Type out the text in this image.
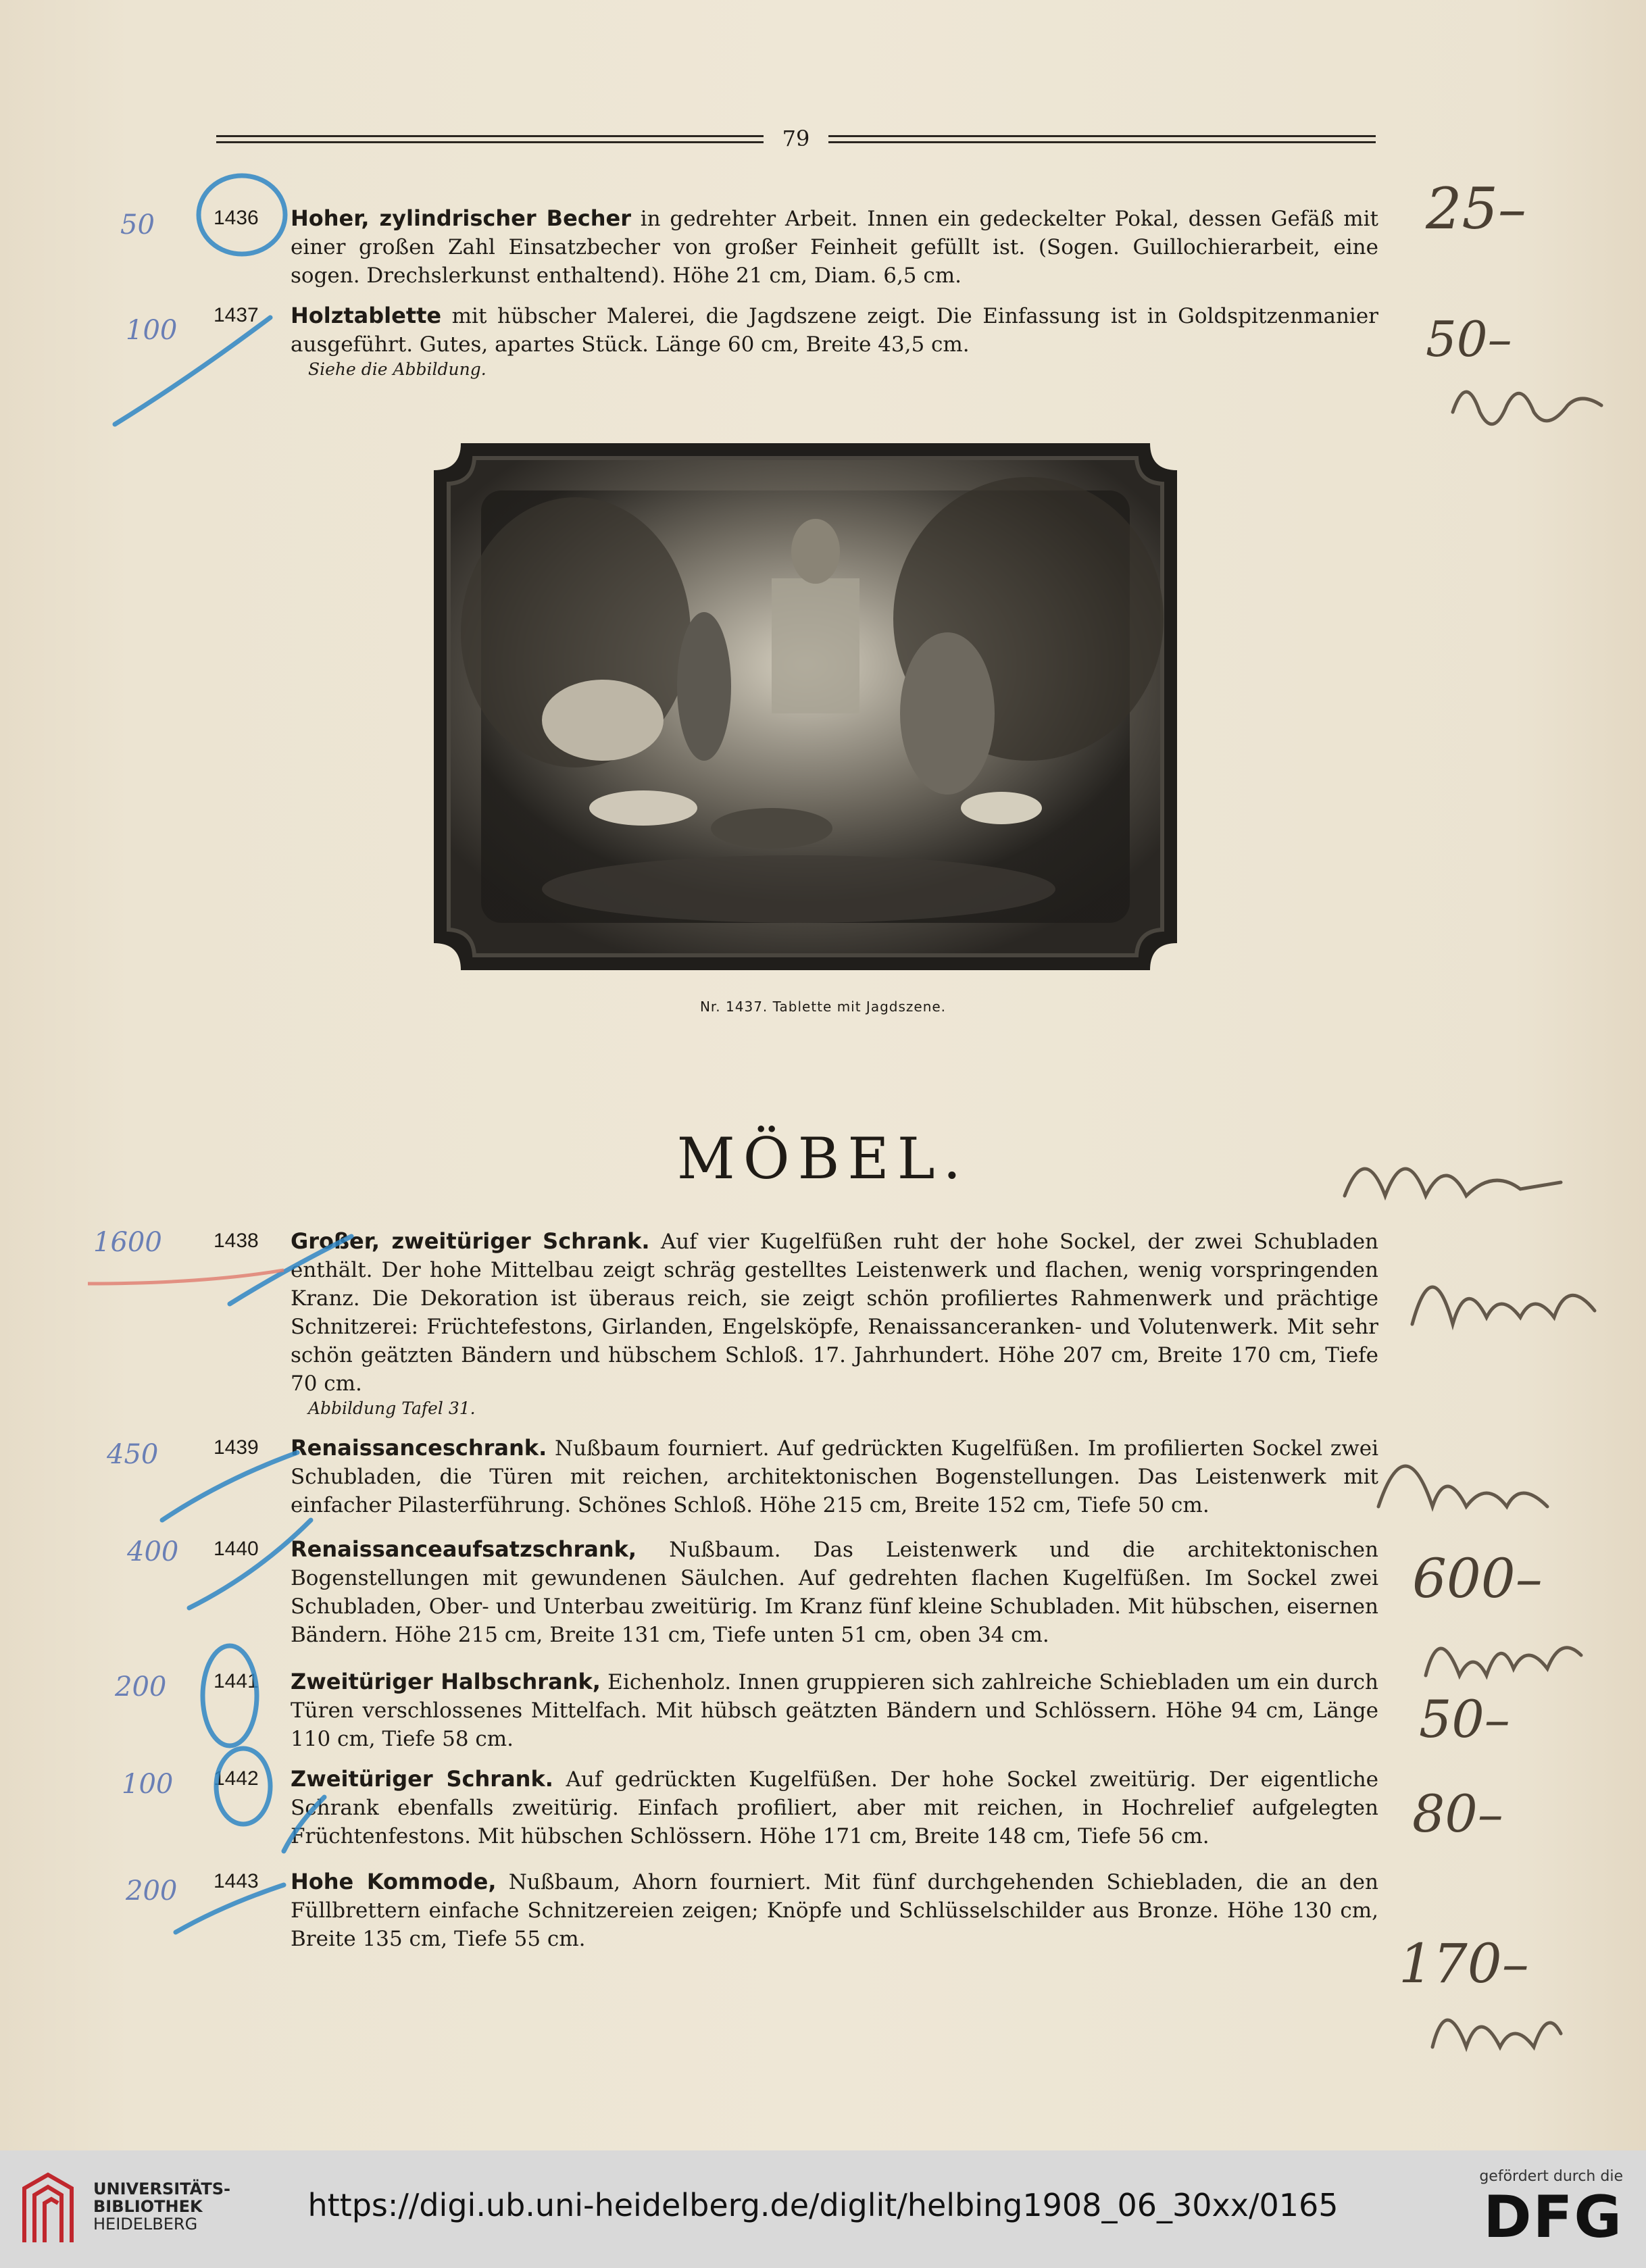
79
1436 Hoher, zylindrischer Becher in gedrehter Arbeit. Innen ein gedeckelter Pokal, dessen Gefäß mit einer großen Zahl Einsatzbecher von großer Feinheit gefüllt ist. (Sogen. Guillochierarbeit, eine sogen. Drechslerkunst enthaltend). Höhe 21 cm, Diam. 6,5 cm.
1437 Holztablette mit hübscher Malerei, die Jagdszene zeigt. Die Einfassung ist in Goldspitzenmanier ausgeführt. Gutes, apartes Stück. Länge 60 cm, Breite 43,5 cm.
Siehe die Abbildung.
Nr. 1437. Tablette mit Jagdszene.
MÖBEL.
1438 Großer, zweitüriger Schrank. Auf vier Kugelfüßen ruht der hohe Sockel, der zwei Schubladen enthält. Der hohe Mittelbau zeigt schräg gestelltes Leistenwerk und flachen, wenig vorspringenden Kranz. Die Dekoration ist überaus reich, sie zeigt schön profiliertes Rahmenwerk und prächtige Schnitzerei: Früchtefestons, Girlanden, Engelsköpfe, Renaissanceranken- und Volutenwerk. Mit sehr schön geätzten Bändern und hübschem Schloß. 17. Jahrhundert. Höhe 207 cm, Breite 170 cm, Tiefe 70 cm.
Abbildung Tafel 31.
1439 Renaissanceschrank. Nußbaum fourniert. Auf gedrückten Kugelfüßen. Im profilierten Sockel zwei Schubladen, die Türen mit reichen, architektonischen Bogenstellungen. Das Leistenwerk mit einfacher Pilasterführung. Schönes Schloß. Höhe 215 cm, Breite 152 cm, Tiefe 50 cm.
1440 Renaissanceaufsatzschrank, Nußbaum. Das Leistenwerk und die architektonischen Bogenstellungen mit gewundenen Säulchen. Auf gedrehten flachen Kugelfüßen. Im Sockel zwei Schubladen, Ober- und Unterbau zweitürig. Im Kranz fünf kleine Schubladen. Mit hübschen, eisernen Bändern. Höhe 215 cm, Breite 131 cm, Tiefe unten 51 cm, oben 34 cm.
1441 Zweitüriger Halbschrank, Eichenholz. Innen gruppieren sich zahlreiche Schiebladen um ein durch Türen verschlossenes Mittelfach. Mit hübsch geätzten Bändern und Schlössern. Höhe 94 cm, Länge 110 cm, Tiefe 58 cm.
1442 Zweitüriger Schrank. Auf gedrückten Kugelfüßen. Der hohe Sockel zweitürig. Der eigentliche Schrank ebenfalls zweitürig. Einfach profiliert, aber mit reichen, in Hochrelief aufgelegten Früchtenfestons. Mit hübschen Schlössern. Höhe 171 cm, Breite 148 cm, Tiefe 56 cm.
1443 Hohe Kommode, Nußbaum, Ahorn fourniert. Mit fünf durchgehenden Schiebladen, die an den Füllbrettern einfache Schnitzereien zeigen; Knöpfe und Schlüsselschilder aus Bronze. Höhe 130 cm, Breite 135 cm, Tiefe 55 cm.
50
100
1600
450
400
200
100
200
25–
50–
600–
50–
80–
170–
UNIVERSITÄTS-
BIBLIOTHEK
HEIDELBERG
https://digi.ub.uni-heidelberg.de/diglit/helbing1908_06_30xx/0165
gefördert durch die
DFG
